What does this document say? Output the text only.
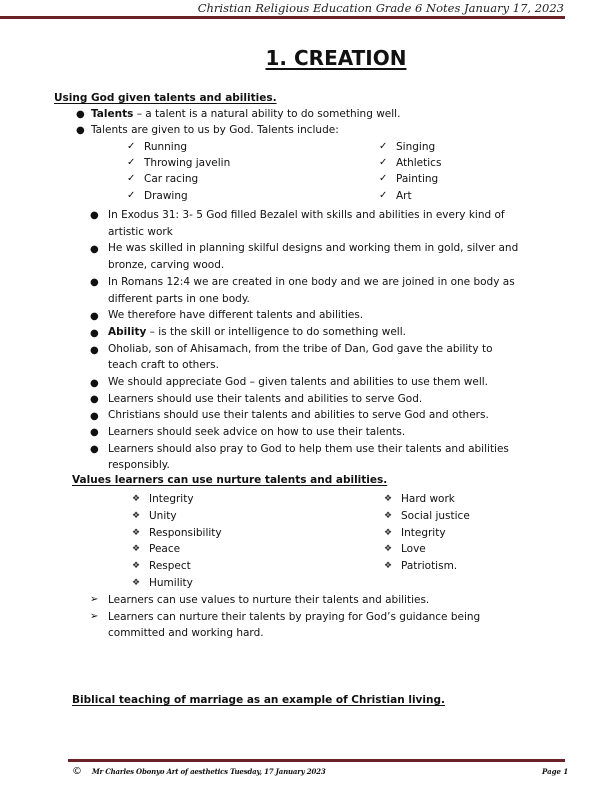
Christian Religious Education Grade 6 Notes January 17, 2023
1. CREATION
Using God given talents and abilities.
● Talents – a talent is a natural ability to do something well.
● Talents are given to us by God. Talents include:
✓ Running
✓ Throwing javelin
✓ Car racing
✓ Drawing
✓ Singing
✓ Athletics
✓ Painting
✓ Art
● In Exodus 31: 3- 5 God filled Bezalel with skills and abilities in every kind of
artistic work
● He was skilled in planning skilful designs and working them in gold, silver and
bronze, carving wood.
● In Romans 12:4 we are created in one body and we are joined in one body as
different parts in one body.
● We therefore have different talents and abilities.
● Ability – is the skill or intelligence to do something well.
● Oholiab, son of Ahisamach, from the tribe of Dan, God gave the ability to
teach craft to others.
● We should appreciate God – given talents and abilities to use them well.
● Learners should use their talents and abilities to serve God.
● Christians should use their talents and abilities to serve God and others.
● Learners should seek advice on how to use their talents.
● Learners should also pray to God to help them use their talents and abilities
responsibly.
Values learners can use nurture talents and abilities.
❖ Integrity
❖ Unity
❖ Responsibility
❖ Peace
❖ Respect
❖ Humility
❖ Hard work
❖ Social justice
❖ Integrity
❖ Love
❖ Patriotism.
➢ Learners can use values to nurture their talents and abilities.
➢ Learners can nurture their talents by praying for God’s guidance being
committed and working hard.
Biblical teaching of marriage as an example of Christian living.
© Mr Charles Obonyo Art of aesthetics Tuesday, 17 January 2023	Page 1
